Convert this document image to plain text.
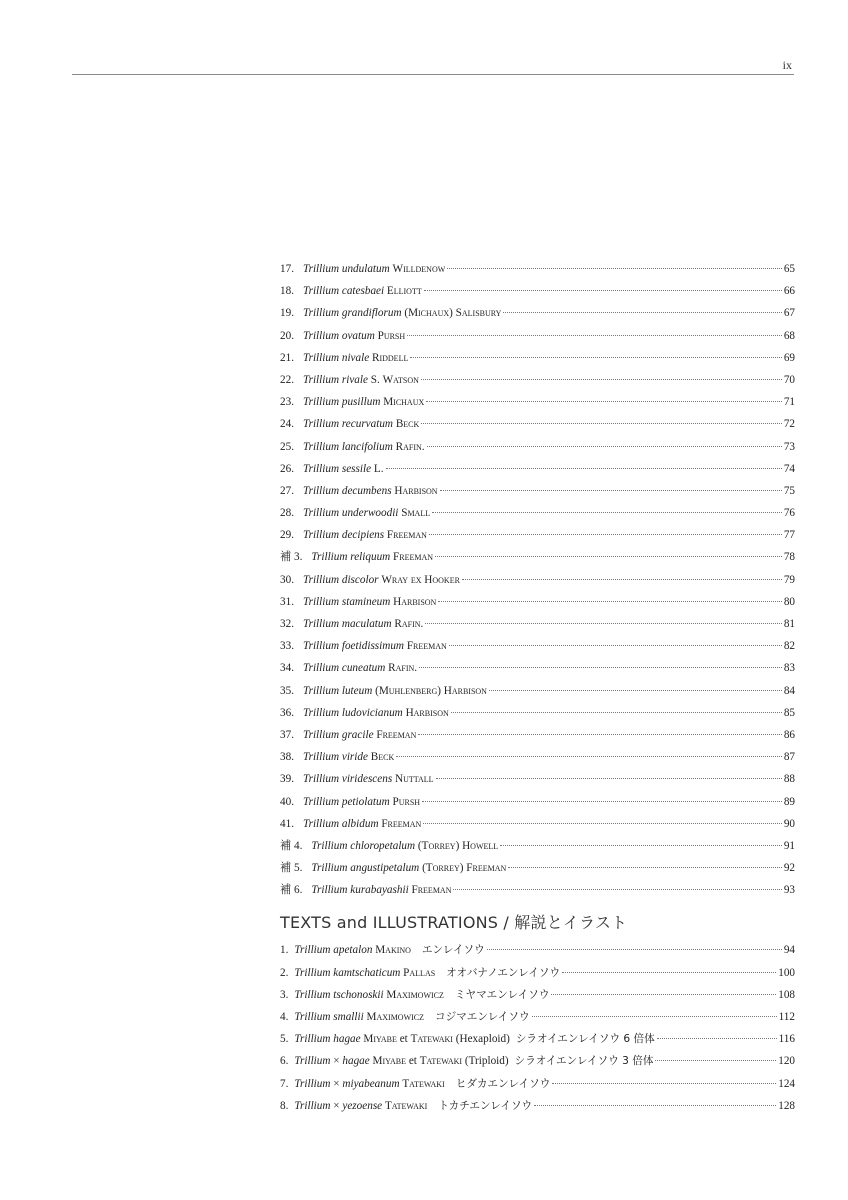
ix
17. Trillium undulatum Willdenow	65
18. Trillium catesbaei Elliott	66
19. Trillium grandiflorum (Michaux) Salisbury	67
20. Trillium ovatum Pursh	68
21. Trillium nivale Riddell	69
22. Trillium rivale S. Watson	70
23. Trillium pusillum Michaux	71
24. Trillium recurvatum Beck	72
25. Trillium lancifolium Rafin.	73
26. Trillium sessile L.	74
27. Trillium decumbens Harbison	75
28. Trillium underwoodii Small	76
29. Trillium decipiens Freeman	77
補 3. Trillium reliquum Freeman	78
30. Trillium discolor Wray ex Hooker	79
31. Trillium stamineum Harbison	80
32. Trillium maculatum Rafin.	81
33. Trillium foetidissimum Freeman	82
34. Trillium cuneatum Rafin.	83
35. Trillium luteum (Muhlenberg) Harbison	84
36. Trillium ludovicianum Harbison	85
37. Trillium gracile Freeman	86
38. Trillium viride Beck	87
39. Trillium viridescens Nuttall	88
40. Trillium petiolatum Pursh	89
41. Trillium albidum Freeman	90
補 4. Trillium chloropetalum (Torrey) Howell	91
補 5. Trillium angustipetalum (Torrey) Freeman	92
補 6. Trillium kurabayashii Freeman	93
TEXTS and ILLUSTRATIONS / 解説とイラスト
1. Trillium apetalon Makino エンレイソウ	94
2. Trillium kamtschaticum Pallas オオバナノエンレイソウ	100
3. Trillium tschonoskii Maximowicz ミヤマエンレイソウ	108
4. Trillium smallii Maximowicz コジマエンレイソウ	112
5. Trillium hagae Miyabe et Tatewaki (Hexaploid) シラオイエンレイソウ 6 倍体	116
6. Trillium × hagae Miyabe et Tatewaki (Triploid) シラオイエンレイソウ 3 倍体	120
7. Trillium × miyabeanum Tatewaki ヒダカエンレイソウ	124
8. Trillium × yezoense Tatewaki トカチエンレイソウ	128
